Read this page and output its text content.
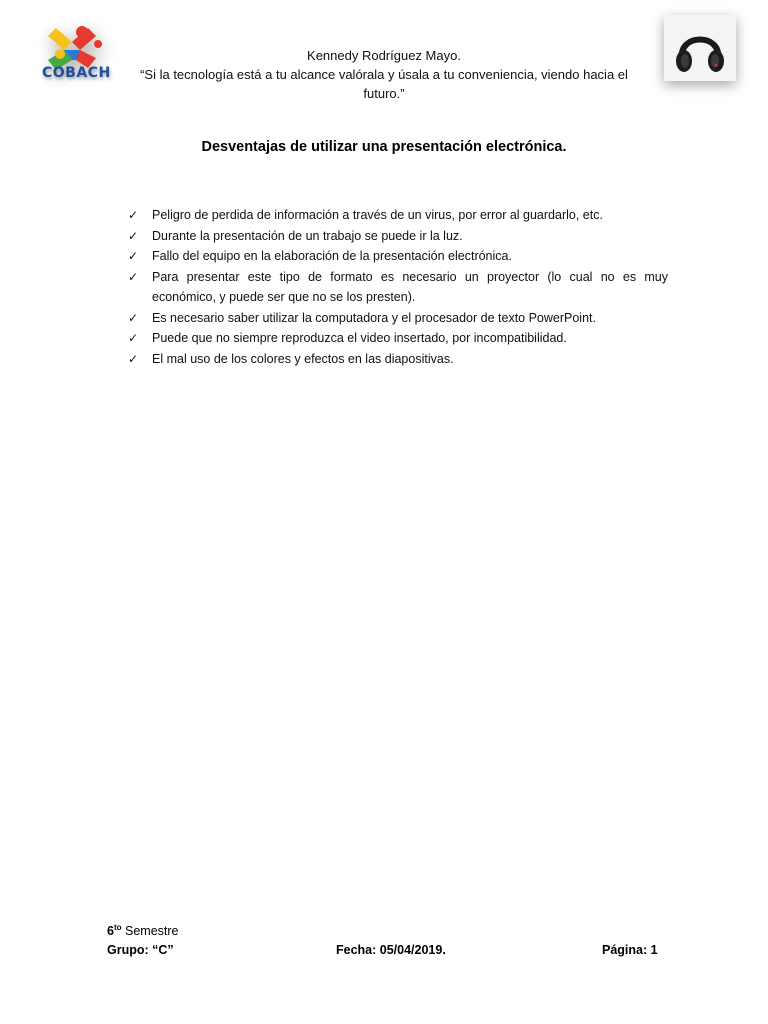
COBACH
Kennedy Rodríguez Mayo.
“Si la tecnología está a tu alcance valórala y úsala a tu conveniencia, viendo hacia el futuro.”
Desventajas de utilizar una presentación electrónica.
✓ Peligro de perdida de información a través de un virus, por error al guardarlo, etc.
✓ Durante la presentación de un trabajo se puede ir la luz.
✓ Fallo del equipo en la elaboración de la presentación electrónica.
✓ Para presentar este tipo de formato es necesario un proyector (lo cual no es muy económico, y puede ser que no se los presten).
✓ Es necesario saber utilizar la computadora y el procesador de texto PowerPoint.
✓ Puede que no siempre reproduzca el video insertado, por incompatibilidad.
✓ El mal uso de los colores y efectos en las diapositivas.
$6^{to}$ Semestre
Grupo: “C”	Fecha: 05/04/2019.	Página: 1
